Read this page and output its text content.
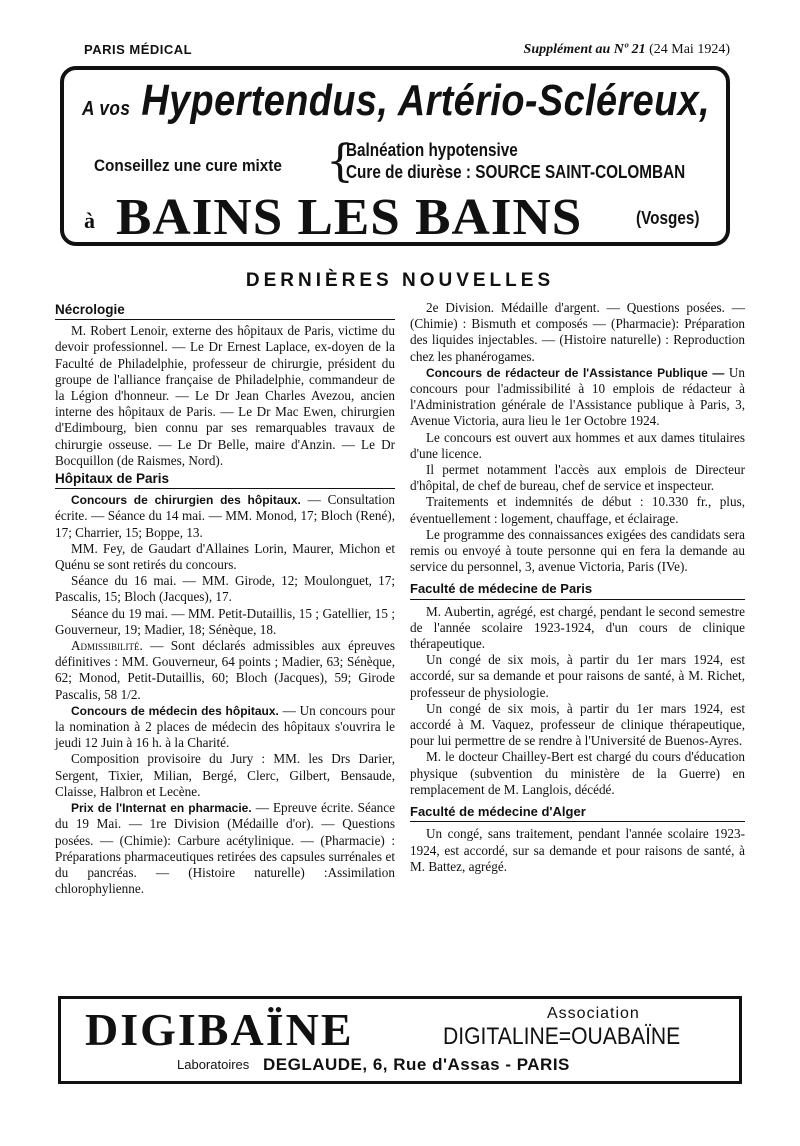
PARIS MÉDICAL	Supplément au Nº 21 (24 Mai 1924)
A vos Hypertendus, Artério-Scléreux,
Conseillez une cure mixte {
Balnéation hypotensive
Cure de diurèse : SOURCE SAINT-COLOMBAN
à BAINS LES BAINS	(Vosges)
DERNIÈRES NOUVELLES
Nécrologie

M. Robert Lenoir, externe des hôpitaux de Paris, victime du devoir professionnel. — Le Dr Ernest Laplace, ex-doyen de la Faculté de Philadelphie, professeur de chirurgie, président du groupe de l'alliance française de Philadelphie, commandeur de la Légion d'honneur. — Le Dr Jean Charles Avezou, ancien interne des hôpitaux de Paris. — Le Dr Mac Ewen, chirurgien d'Edimbourg, bien connu par ses remarquables travaux de chirurgie osseuse. — Le Dr Belle, maire d'Anzin. — Le Dr Bocquillon (de Raismes, Nord).

Hôpitaux de Paris

Concours de chirurgien des hôpitaux. — Consultation écrite. — Séance du 14 mai. — MM. Monod, 17; Bloch (René), 17; Charrier, 15; Boppe, 13.

MM. Fey, de Gaudart d'Allaines Lorin, Maurer, Michon et Quénu se sont retirés du concours.

Séance du 16 mai. — MM. Girode, 12; Moulonguet, 17; Pascalis, 15; Bloch (Jacques), 17.

Séance du 19 mai. — MM. Petit-Dutaillis, 15 ; Gatellier, 15 ; Gouverneur, 19; Madier, 18; Sénèque, 18.

Admissibilité. — Sont déclarés admissibles aux épreuves définitives : MM. Gouverneur, 64 points ; Madier, 63; Sénèque, 62; Monod, Petit-Dutaillis, 60; Bloch (Jacques), 59; Girode Pascalis, 58 1/2.

Concours de médecin des hôpitaux. — Un concours pour la nomination à 2 places de médecin des hôpitaux s'ouvrira le jeudi 12 Juin à 16 h. à la Charité.

Composition provisoire du Jury : MM. les Drs Darier, Sergent, Tixier, Milian, Bergé, Clerc, Gilbert, Bensaude, Claisse, Halbron et Lecène.

Prix de l'Internat en pharmacie. — Epreuve écrite. Séance du 19 Mai. — 1re Division (Médaille d'or). — Questions posées. — (Chimie): Carbure acétylinique. — (Pharmacie) : Préparations pharmaceutiques retirées des capsules surrénales et du pancréas. — (Histoire naturelle) :Assimilation chlorophylienne.

2e Division. Médaille d'argent. — Questions posées. — (Chimie) : Bismuth et composés — (Pharmacie): Préparation des liquides injectables. — (Histoire naturelle) : Reproduction chez les phanérogames.

Concours de rédacteur de l'Assistance Publique — Un concours pour l'admissibilité à 10 emplois de rédacteur à l'Administration générale de l'Assistance publique à Paris, 3, Avenue Victoria, aura lieu le 1er Octobre 1924.

Le concours est ouvert aux hommes et aux dames titulaires d'une licence.

Il permet notamment l'accès aux emplois de Directeur d'hôpital, de chef de bureau, chef de service et inspecteur.

Traitements et indemnités de début : 10.330 fr., plus, éventuellement : logement, chauffage, et éclairage.

Le programme des connaissances exigées des candidats sera remis ou envoyé à toute personne qui en fera la demande au service du personnel, 3, avenue Victoria, Paris (IVe).

Faculté de médecine de Paris

M. Aubertin, agrégé, est chargé, pendant le second semestre de l'année scolaire 1923-1924, d'un cours de clinique thérapeutique.

Un congé de six mois, à partir du 1er mars 1924, est accordé, sur sa demande et pour raisons de santé, à M. Richet, professeur de physiologie.

Un congé de six mois, à partir du 1er mars 1924, est accordé à M. Vaquez, professeur de clinique thérapeutique, pour lui permettre de se rendre à l'Université de Buenos-Ayres.

M. le docteur Chailley-Bert est chargé du cours d'éducation physique (subvention du ministère de la Guerre) en remplacement de M. Langlois, décédé.

Faculté de médecine d'Alger

Un congé, sans traitement, pendant l'année scolaire 1923-1924, est accordé, sur sa demande et pour raisons de santé, à M. Battez, agrégé.

DIGIBAÏNE	Association
DIGITALINE=OUABAÏNE
Laboratoires DEGLAUDE, 6, Rue d'Assas - PARIS
